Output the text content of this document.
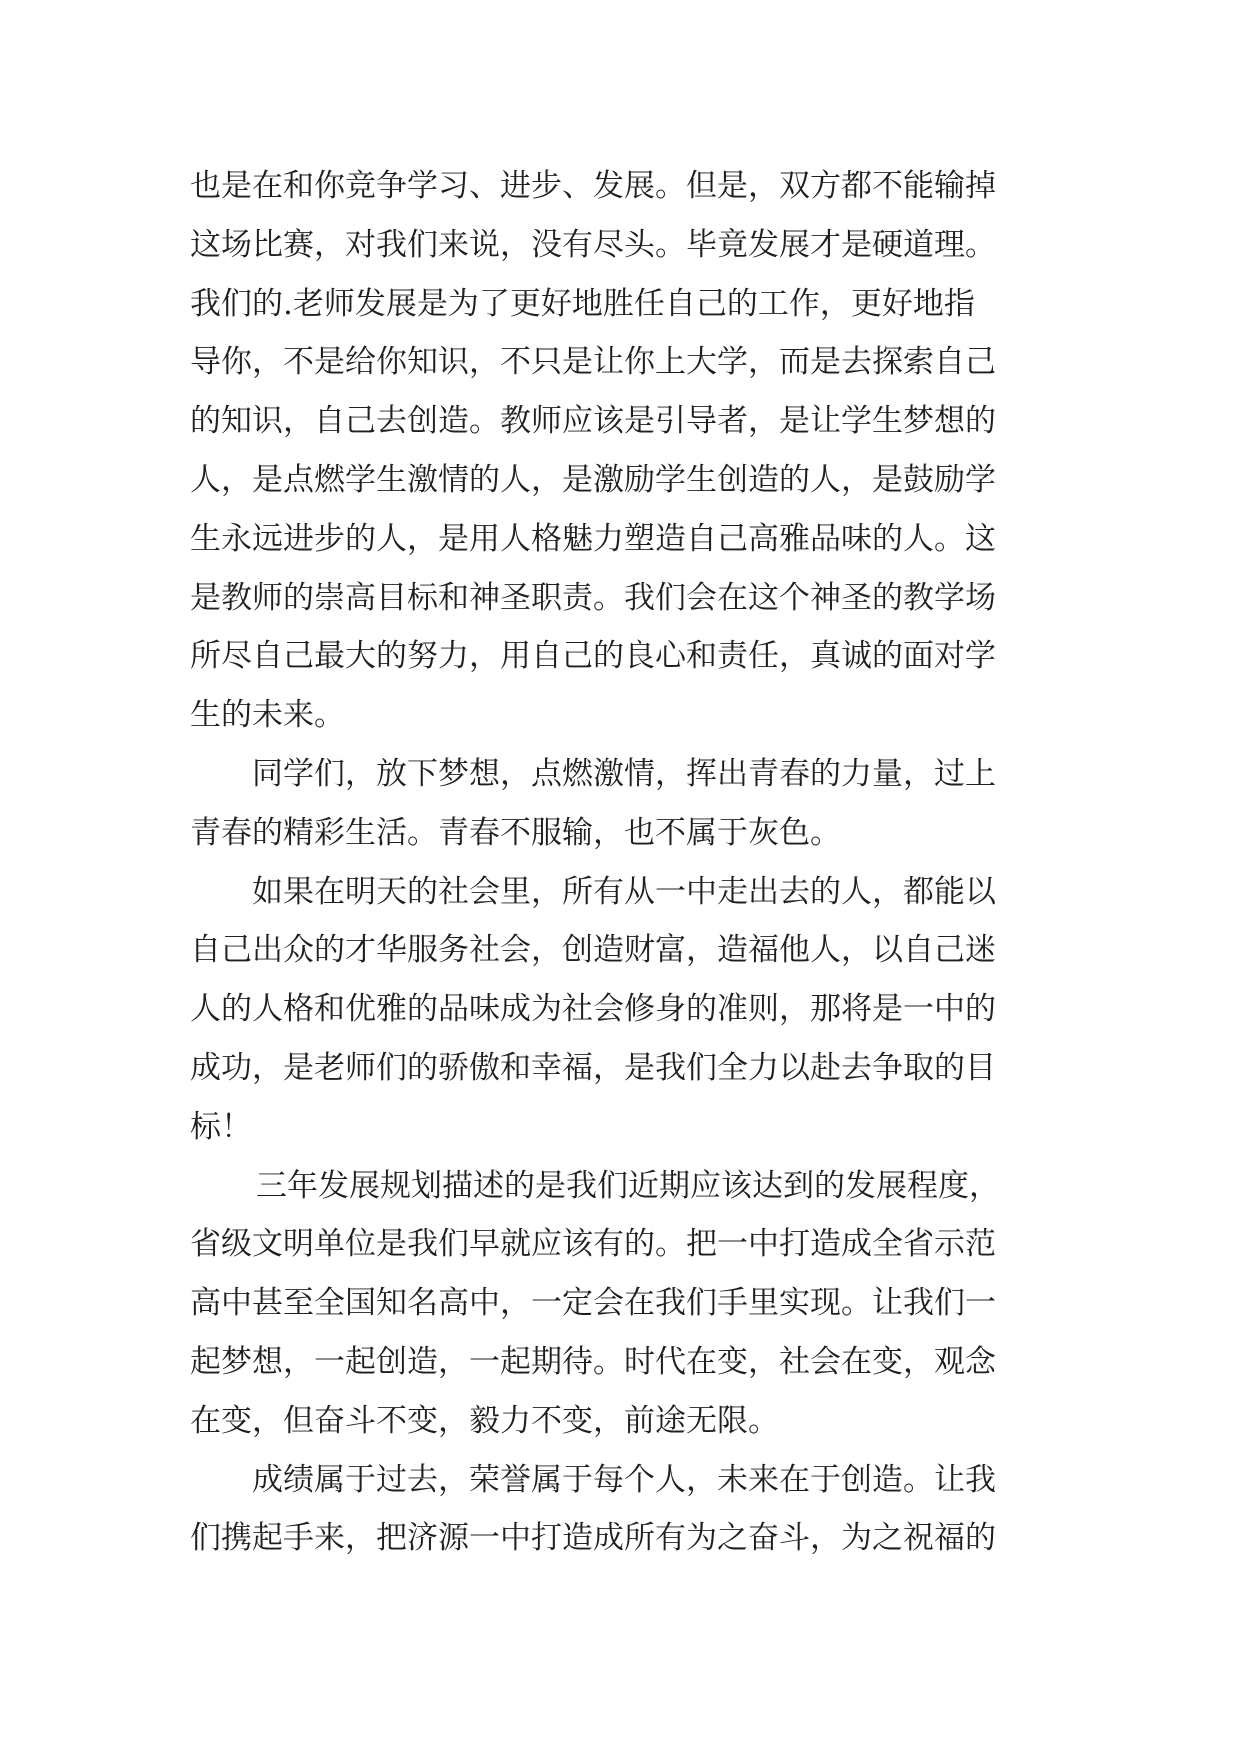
也是在和你竞争学习、进步、发展。但是，双方都不能输掉
这场比赛，对我们来说，没有尽头。毕竟发展才是硬道理。
我们的.老师发展是为了更好地胜任自己的工作，更好地指
导你，不是给你知识，不只是让你上大学，而是去探索自己
的知识，自己去创造。教师应该是引导者，是让学生梦想的
人，是点燃学生激情的人，是激励学生创造的人，是鼓励学
生永远进步的人，是用人格魅力塑造自己高雅品味的人。这
是教师的崇高目标和神圣职责。我们会在这个神圣的教学场
所尽自己最大的努力，用自己的良心和责任，真诚的面对学
生的未来。
同学们，放下梦想，点燃激情，挥出青春的力量，过上
青春的精彩生活。青春不服输，也不属于灰色。
如果在明天的社会里，所有从一中走出去的人，都能以
自己出众的才华服务社会，创造财富，造福他人，以自己迷
人的人格和优雅的品味成为社会修身的准则，那将是一中的
成功，是老师们的骄傲和幸福，是我们全力以赴去争取的目
标！
三年发展规划描述的是我们近期应该达到的发展程度，
省级文明单位是我们早就应该有的。把一中打造成全省示范
高中甚至全国知名高中，一定会在我们手里实现。让我们一
起梦想，一起创造，一起期待。时代在变，社会在变，观念
在变，但奋斗不变，毅力不变，前途无限。
成绩属于过去，荣誉属于每个人，未来在于创造。让我
们携起手来，把济源一中打造成所有为之奋斗，为之祝福的
